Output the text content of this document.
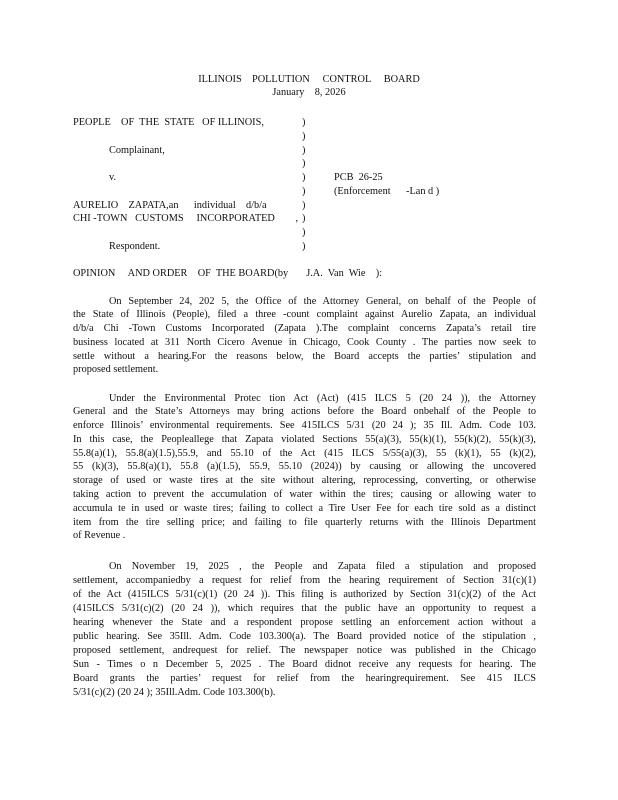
ILLINOIS    POLLUTION     CONTROL     BOARD
January    8, 2026
PEOPLE    OF  THE  STATE   OF ILLINOIS,
Complainant,
v.	PCB  26-25
(Enforcement      -Lan d )
AURELIO    ZAPATA,an      individual    d/b/a
CHI -TOWN   CUSTOMS     INCORPORATED        ,
Respondent.
)
)
)
)
)
)
)
)
)
)
OPINION     AND ORDER    OF  THE BOARD(by       J.A.  Van  Wie    ):
On September 24, 202 5, the Office of the Attorney General, on behalf of the People of
the State of Illinois (People), filed a three -count complaint against Aurelio Zapata, an individual
d/b/a Chi -Town Customs Incorporated (Zapata ).The complaint concerns Zapata’s retail tire
business located at 311 North Cicero Avenue in Chicago, Cook County . The parties now seek to
settle without a hearing.For the reasons below, the Board accepts the parties’ stipulation and
proposed settlement.
Under the Environmental Protec tion Act (Act) (415 ILCS 5 (20 24 )), the Attorney
General and the State’s Attorneys may bring actions before the Board onbehalf of the People to
enforce Illinois’ environmental requirements. See 415ILCS 5/31 (20 24 ); 35 Ill. Adm. Code 103.
In this case, the Peopleallege that Zapata violated Sections 55(a)(3), 55(k)(1), 55(k)(2), 55(k)(3),
55.8(a)(1), 55.8(a)(1.5),55.9, and 55.10 of the Act (415 ILCS 5/55(a)(3), 55 (k)(1), 55 (k)(2),
55 (k)(3), 55.8(a)(1), 55.8 (a)(1.5), 55.9, 55.10 (2024)) by causing or allowing the uncovered
storage of used or waste tires at the site without altering, reprocessing, converting, or otherwise
taking action to prevent the accumulation of water within the tires; causing or allowing water to
accumula te in used or waste tires; failing to collect a Tire User Fee for each tire sold as a distinct
item from the tire selling price; and failing to file quarterly returns with the Illinois Department
of Revenue .
On November 19, 2025 , the People and Zapata filed a stipulation and proposed
settlement, accompaniedby a request for relief from the hearing requirement of Section 31(c)(1)
of the Act (415ILCS 5/31(c)(1) (20 24 )). This filing is authorized by Section 31(c)(2) of the Act
(415ILCS 5/31(c)(2) (20 24 )), which requires that the public have an opportunity to request a
hearing whenever the State and a respondent propose settling an enforcement action without a
public hearing. See 35Ill. Adm. Code 103.300(a). The Board provided notice of the stipulation ,
proposed settlement, andrequest for relief. The newspaper notice was published in the Chicago
Sun - Times o n December 5, 2025 . The Board didnot receive any requests for hearing. The
Board grants the parties’ request for relief from the hearingrequirement. See 415 ILCS
5/31(c)(2) (20 24 ); 35Ill.Adm. Code 103.300(b).
